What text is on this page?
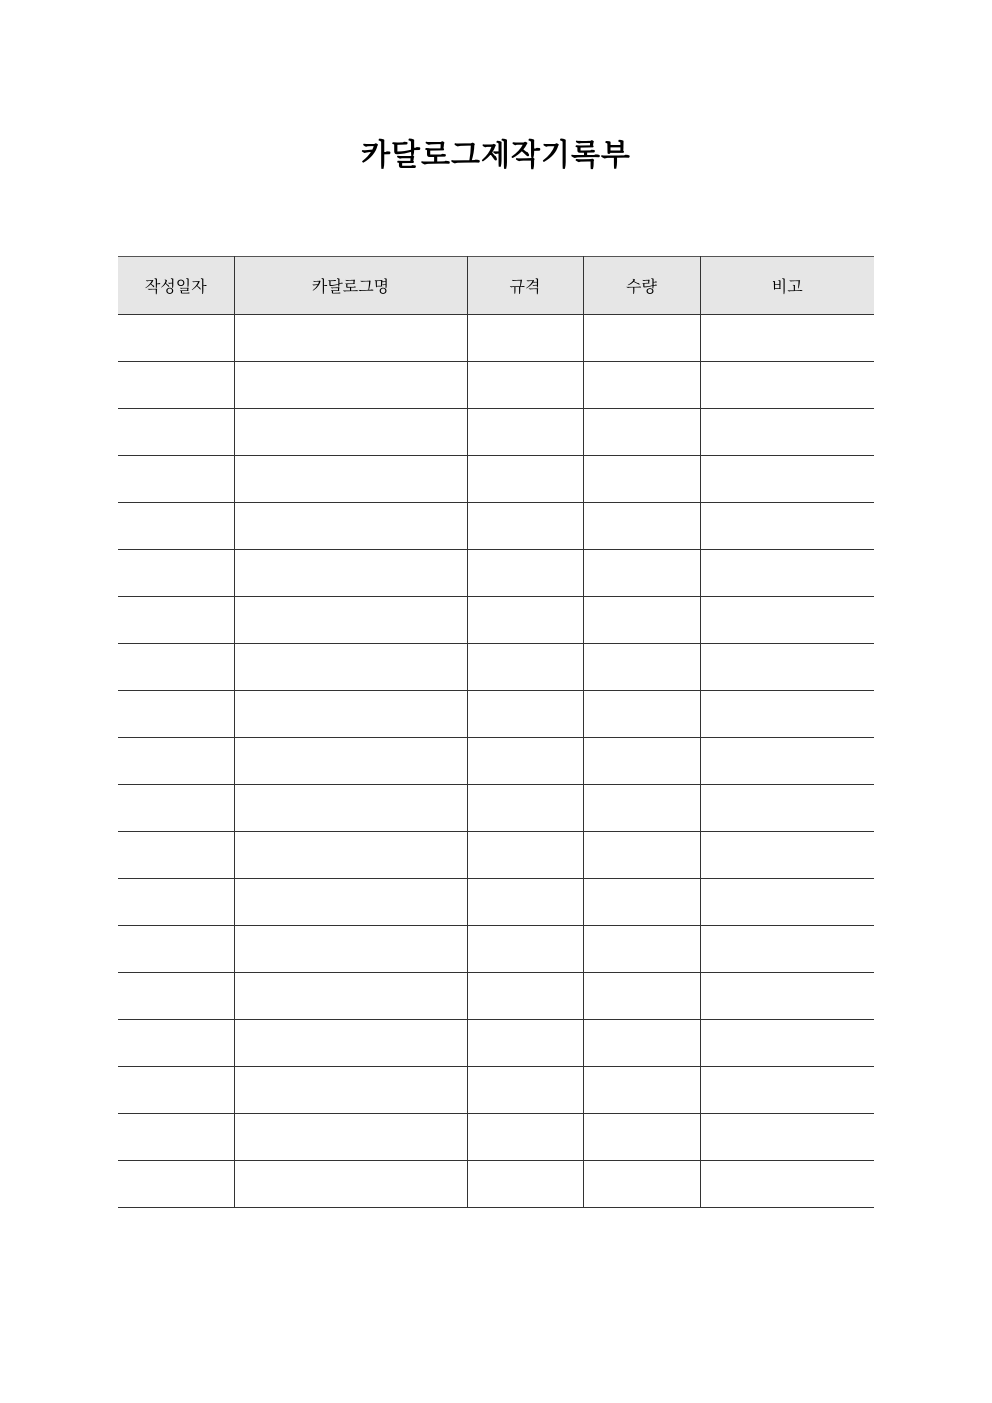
카달로그제작기록부
작성일자	카달로그명	규격	수량	비고
